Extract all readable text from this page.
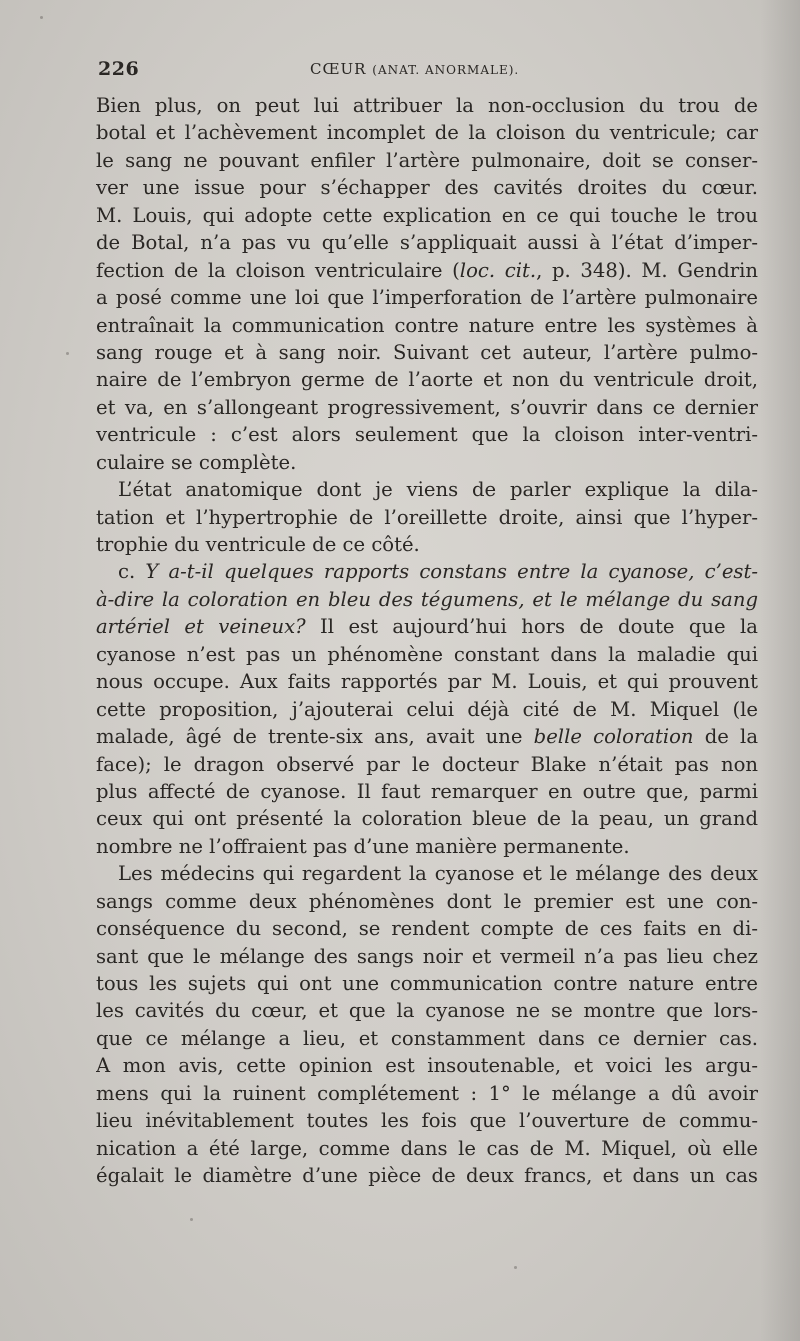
226	CŒUR (ANAT. ANORMALE).
Bien plus, on peut lui attribuer la non-occlusion du trou de
botal et l’achèvement incomplet de la cloison du ventricule; car
le sang ne pouvant enfiler l’artère pulmonaire, doit se conser-
ver une issue pour s’échapper des cavités droites du cœur.
M. Louis, qui adopte cette explication en ce qui touche le trou
de Botal, n’a pas vu qu’elle s’appliquait aussi à l’état d’imper-
fection de la cloison ventriculaire (loc. cit., p. 348). M. Gendrin
a posé comme une loi que l’imperforation de l’artère pulmonaire
entraînait la communication contre nature entre les systèmes à
sang rouge et à sang noir. Suivant cet auteur, l’artère pulmo-
naire de l’embryon germe de l’aorte et non du ventricule droit,
et va, en s’allongeant progressivement, s’ouvrir dans ce dernier
ventricule : c’est alors seulement que la cloison inter-ventri-
culaire se complète.
L’état anatomique dont je viens de parler explique la dila-
tation et l’hypertrophie de l’oreillette droite, ainsi que l’hyper-
trophie du ventricule de ce côté.
c. Y a-t-il quelques rapports constans entre la cyanose, c’est-
à-dire la coloration en bleu des tégumens, et le mélange du sang
artériel et veineux? Il est aujourd’hui hors de doute que la
cyanose n’est pas un phénomène constant dans la maladie qui
nous occupe. Aux faits rapportés par M. Louis, et qui prouvent
cette proposition, j’ajouterai celui déjà cité de M. Miquel (le
malade, âgé de trente-six ans, avait une belle coloration de la
face); le dragon observé par le docteur Blake n’était pas non
plus affecté de cyanose. Il faut remarquer en outre que, parmi
ceux qui ont présenté la coloration bleue de la peau, un grand
nombre ne l’offraient pas d’une manière permanente.
Les médecins qui regardent la cyanose et le mélange des deux
sangs comme deux phénomènes dont le premier est une con-
conséquence du second, se rendent compte de ces faits en di-
sant que le mélange des sangs noir et vermeil n’a pas lieu chez
tous les sujets qui ont une communication contre nature entre
les cavités du cœur, et que la cyanose ne se montre que lors-
que ce mélange a lieu, et constamment dans ce dernier cas.
A mon avis, cette opinion est insoutenable, et voici les argu-
mens qui la ruinent complétement : 1° le mélange a dû avoir
lieu inévitablement toutes les fois que l’ouverture de commu-
nication a été large, comme dans le cas de M. Miquel, où elle
égalait le diamètre d’une pièce de deux francs, et dans un cas
